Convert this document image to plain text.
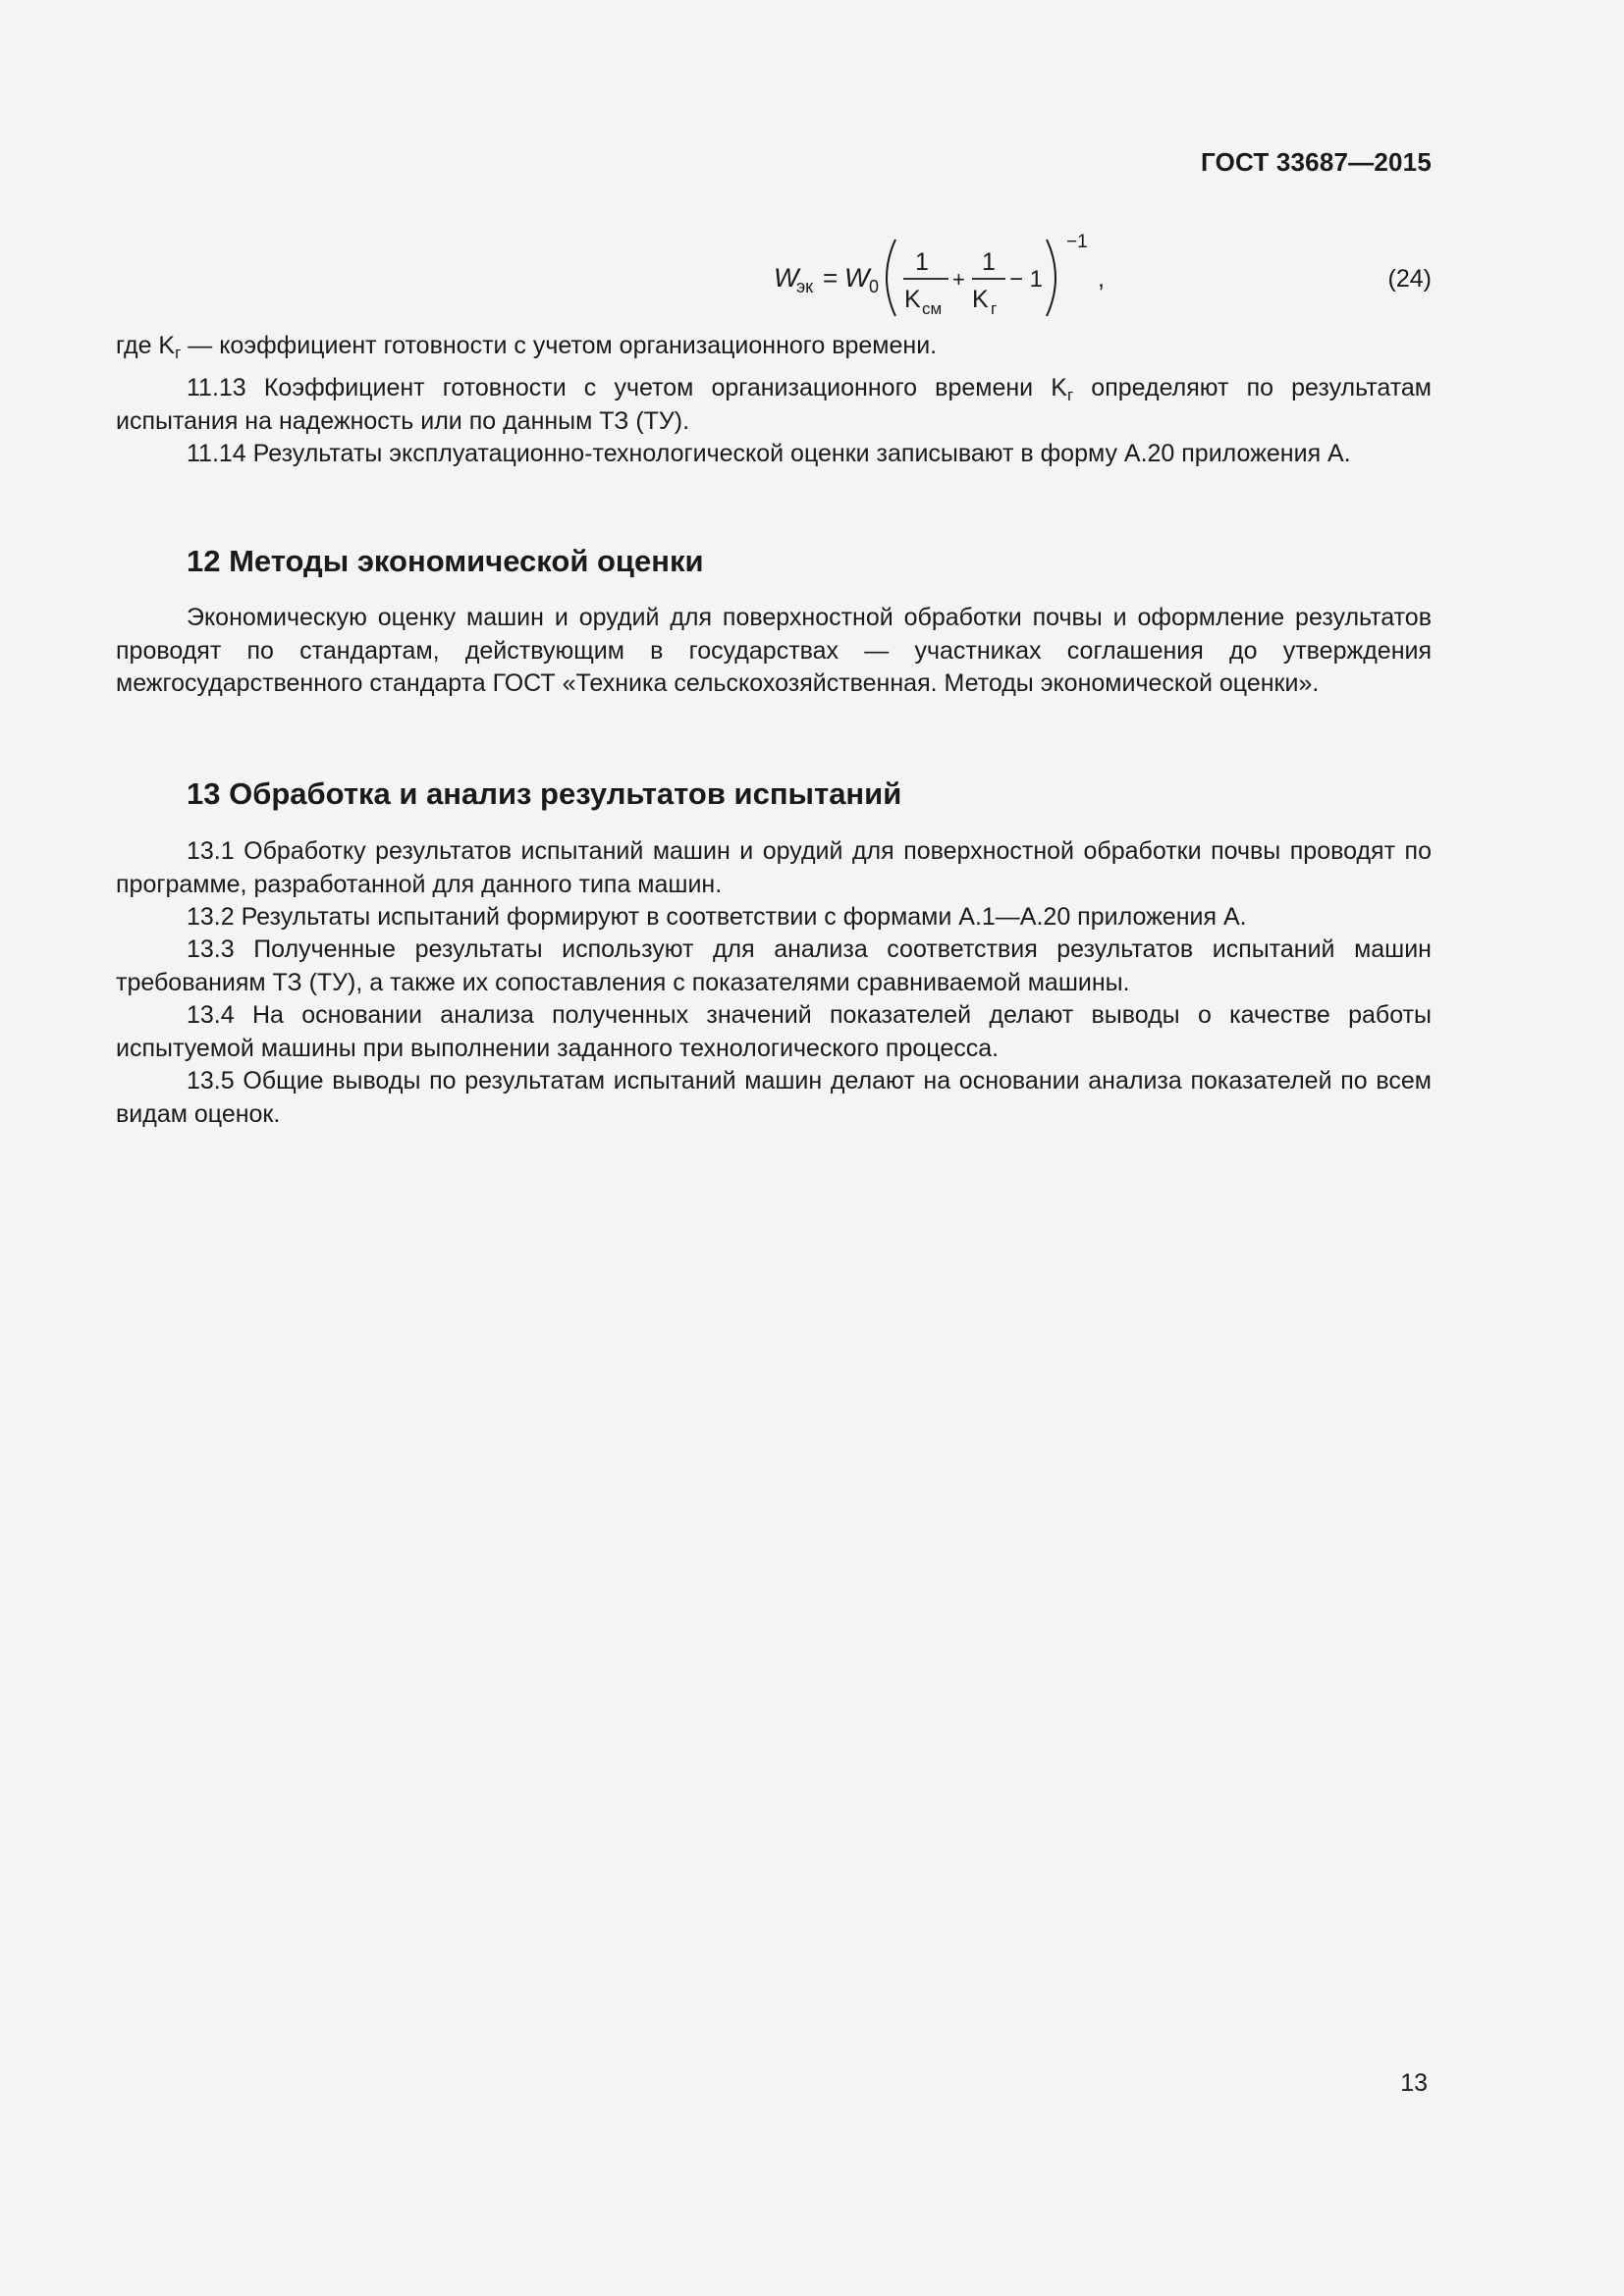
ГОСТ 33687—2015
W
эк = W 0
1
K см
+
1
K г
− 1
−1
,	(24)
где $K_г$ — коэффициент готовности с учетом организационного времени.
11.13 Коэффициент готовности с учетом организационного времени $K_г$ определяют по результатам испытания на надежность или по данным ТЗ (ТУ).
11.14 Результаты эксплуатационно-технологической оценки записывают в форму А.20 приложения А.
12 Методы экономической оценки
Экономическую оценку машин и орудий для поверхностной обработки почвы и оформление результатов проводят по стандартам, действующим в государствах — участниках соглашения до утверждения межгосударственного стандарта ГОСТ «Техника сельскохозяйственная. Методы экономической оценки».
13 Обработка и анализ результатов испытаний
13.1 Обработку результатов испытаний машин и орудий для поверхностной обработки почвы проводят по программе, разработанной для данного типа машин.
13.2 Результаты испытаний формируют в соответствии с формами А.1—А.20 приложения А.
13.3 Полученные результаты используют для анализа соответствия результатов испытаний машин требованиям ТЗ (ТУ), а также их сопоставления с показателями сравниваемой машины.
13.4 На основании анализа полученных значений показателей делают выводы о качестве работы испытуемой машины при выполнении заданного технологического процесса.
13.5 Общие выводы по результатам испытаний машин делают на основании анализа показателей по всем видам оценок.
13
